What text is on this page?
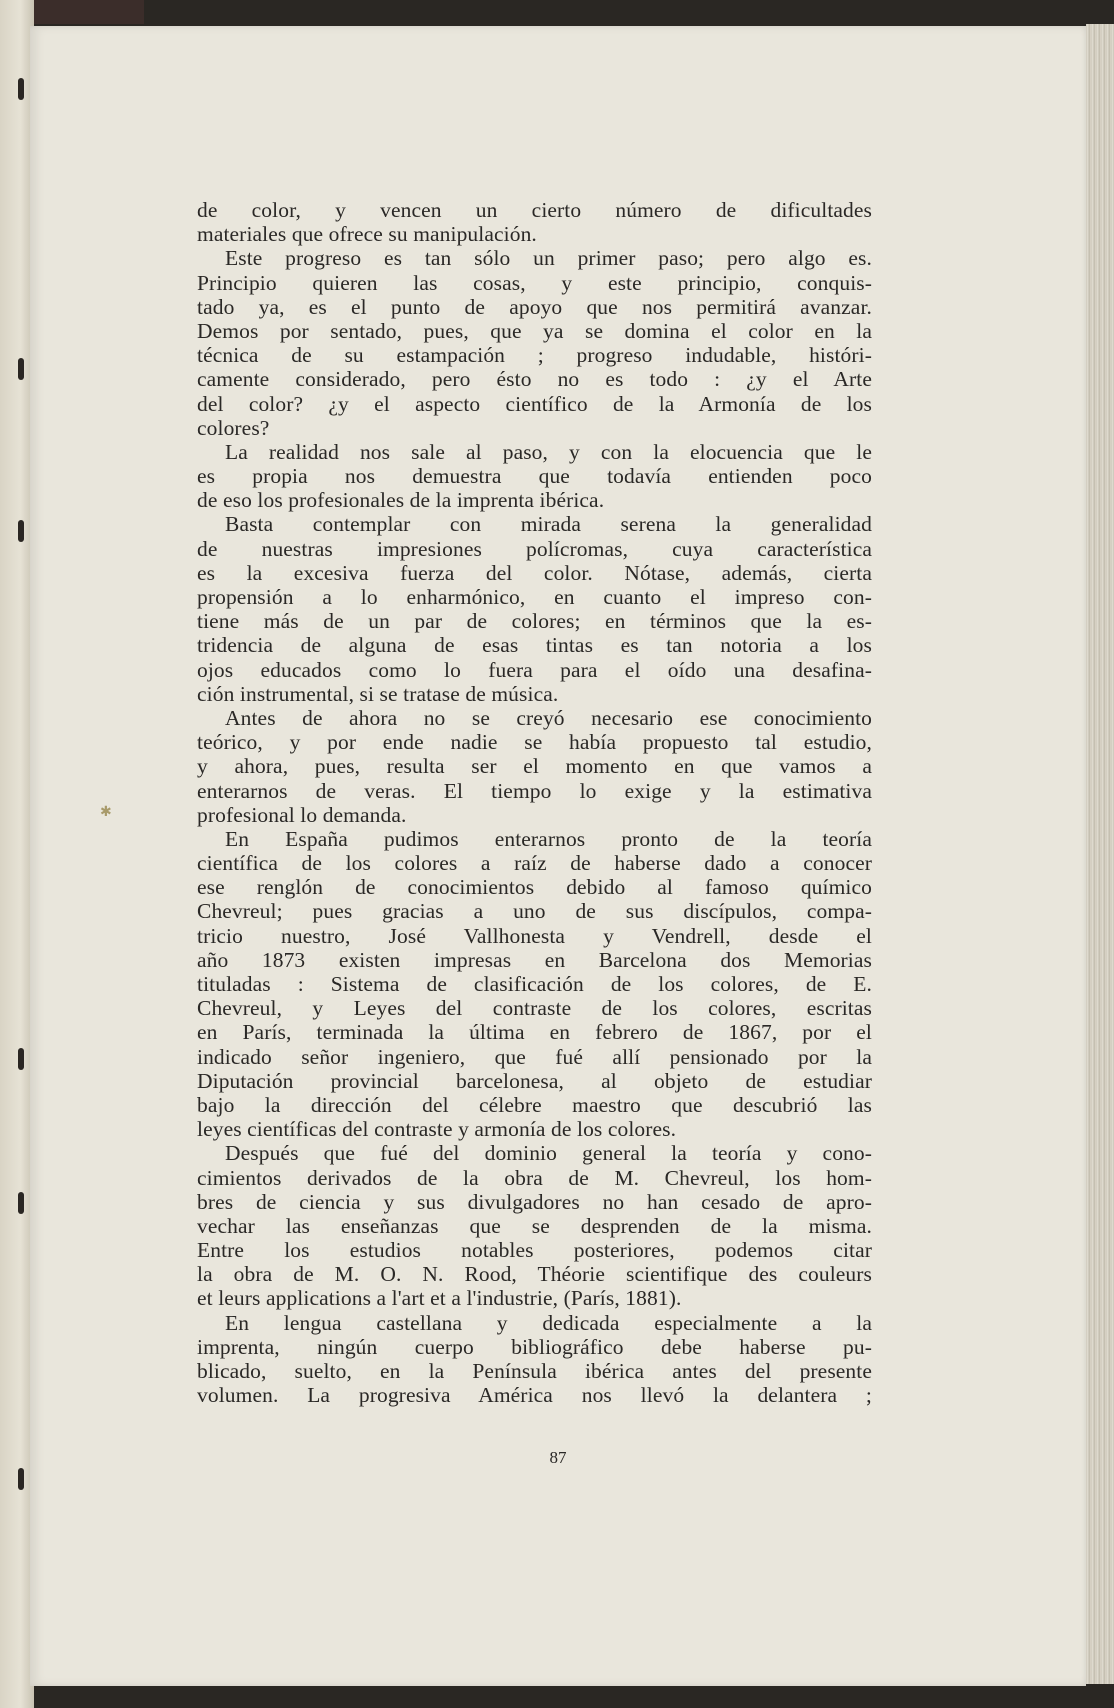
✱
de color, y vencen un cierto número de dificultades
materiales que ofrece su manipulación.
Este progreso es tan sólo un primer paso; pero algo es.
Principio quieren las cosas, y este principio, conquis-
tado ya, es el punto de apoyo que nos permitirá avanzar.
Demos por sentado, pues, que ya se domina el color en la
técnica de su estampación ; progreso indudable, históri-
camente considerado, pero ésto no es todo : ¿y el Arte
del color? ¿y el aspecto científico de la Armonía de los
colores?
La realidad nos sale al paso, y con la elocuencia que le
es propia nos demuestra que todavía entienden poco
de eso los profesionales de la imprenta ibérica.
Basta contemplar con mirada serena la generalidad
de nuestras impresiones polícromas, cuya característica
es la excesiva fuerza del color. Nótase, además, cierta
propensión a lo enharmónico, en cuanto el impreso con-
tiene más de un par de colores; en términos que la es-
tridencia de alguna de esas tintas es tan notoria a los
ojos educados como lo fuera para el oído una desafina-
ción instrumental, si se tratase de música.
Antes de ahora no se creyó necesario ese conocimiento
teórico, y por ende nadie se había propuesto tal estudio,
y ahora, pues, resulta ser el momento en que vamos a
enterarnos de veras. El tiempo lo exige y la estimativa
profesional lo demanda.
En España pudimos enterarnos pronto de la teoría
científica de los colores a raíz de haberse dado a conocer
ese renglón de conocimientos debido al famoso químico
Chevreul; pues gracias a uno de sus discípulos, compa-
tricio nuestro, José Vallhonesta y Vendrell, desde el
año 1873 existen impresas en Barcelona dos Memorias
tituladas : Sistema de clasificación de los colores, de E.
Chevreul, y Leyes del contraste de los colores, escritas
en París, terminada la última en febrero de 1867, por el
indicado señor ingeniero, que fué allí pensionado por la
Diputación provincial barcelonesa, al objeto de estudiar
bajo la dirección del célebre maestro que descubrió las
leyes científicas del contraste y armonía de los colores.
Después que fué del dominio general la teoría y cono-
cimientos derivados de la obra de M. Chevreul, los hom-
bres de ciencia y sus divulgadores no han cesado de apro-
vechar las enseñanzas que se desprenden de la misma.
Entre los estudios notables posteriores, podemos citar
la obra de M. O. N. Rood, Théorie scientifique des couleurs
et leurs applications a l'art et a l'industrie, (París, 1881).
En lengua castellana y dedicada especialmente a la
imprenta, ningún cuerpo bibliográfico debe haberse pu-
blicado, suelto, en la Península ibérica antes del presente
volumen. La progresiva América nos llevó la delantera ;
87
